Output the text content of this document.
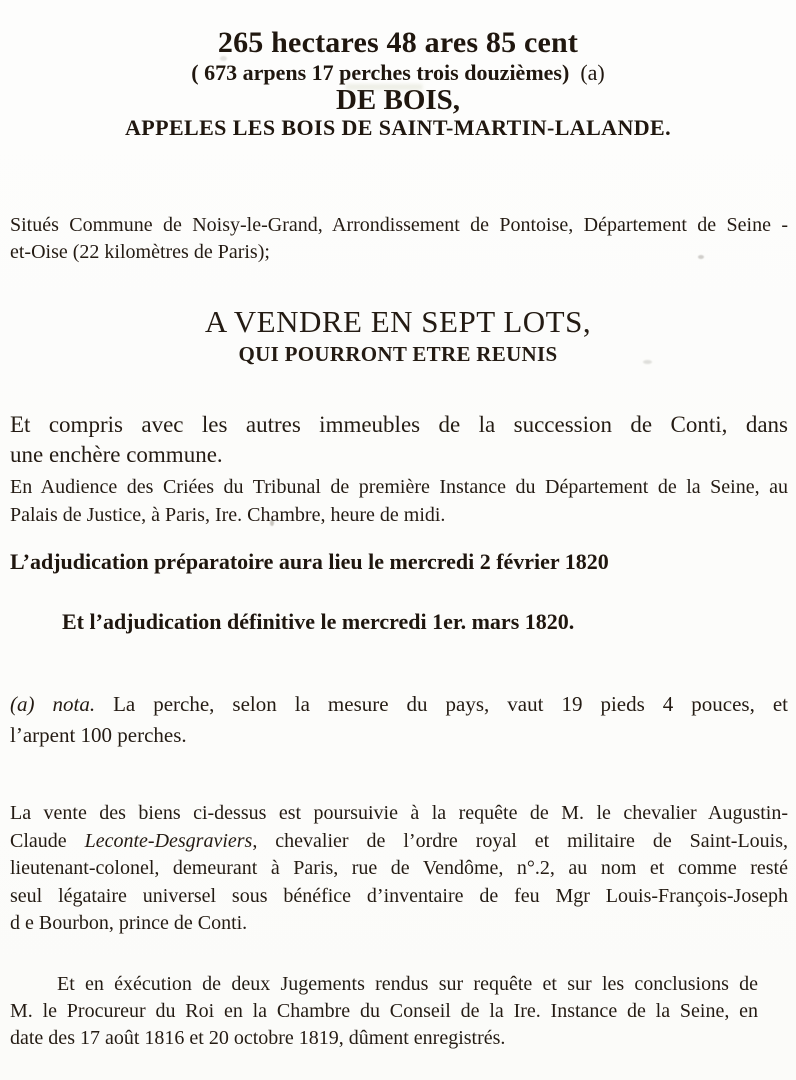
265 hectares 48 ares 85 cent
( 673 arpens 17 perches trois douzièmes) (a)
DE BOIS,
APPELES LES BOIS DE SAINT-MARTIN-LALANDE.
Situés Commune de Noisy-le-Grand, Arrondissement de Pontoise, Département de Seine -
et-Oise (22 kilomètres de Paris);
A VENDRE EN SEPT LOTS,
QUI POURRONT ETRE REUNIS
Et compris avec les autres immeubles de la succession de Conti, dans
une enchère commune.
En Audience des Criées du Tribunal de première Instance du Département de la Seine, au
Palais de Justice, à Paris, Ire. Chambre, heure de midi.
L’adjudication préparatoire aura lieu le mercredi 2 février 1820
Et l’adjudication définitive le mercredi 1er. mars 1820.
(a) nota. La perche, selon la mesure du pays, vaut 19 pieds 4 pouces, et
l’arpent 100 perches.
La vente des biens ci-dessus est poursuivie à la requête de M. le chevalier Augustin-
Claude Leconte-Desgraviers, chevalier de l’ordre royal et militaire de Saint-Louis,
lieutenant-colonel, demeurant à Paris, rue de Vendôme, n°.2, au nom et comme resté
seul légataire universel sous bénéfice d’inventaire de feu Mgr Louis-François-Joseph
d e Bourbon, prince de Conti.
Et en éxécution de deux Jugements rendus sur requête et sur les conclusions de
M. le Procureur du Roi en la Chambre du Conseil de la Ire. Instance de la Seine, en
date des 17 août 1816 et 20 octobre 1819, dûment enregistrés.
